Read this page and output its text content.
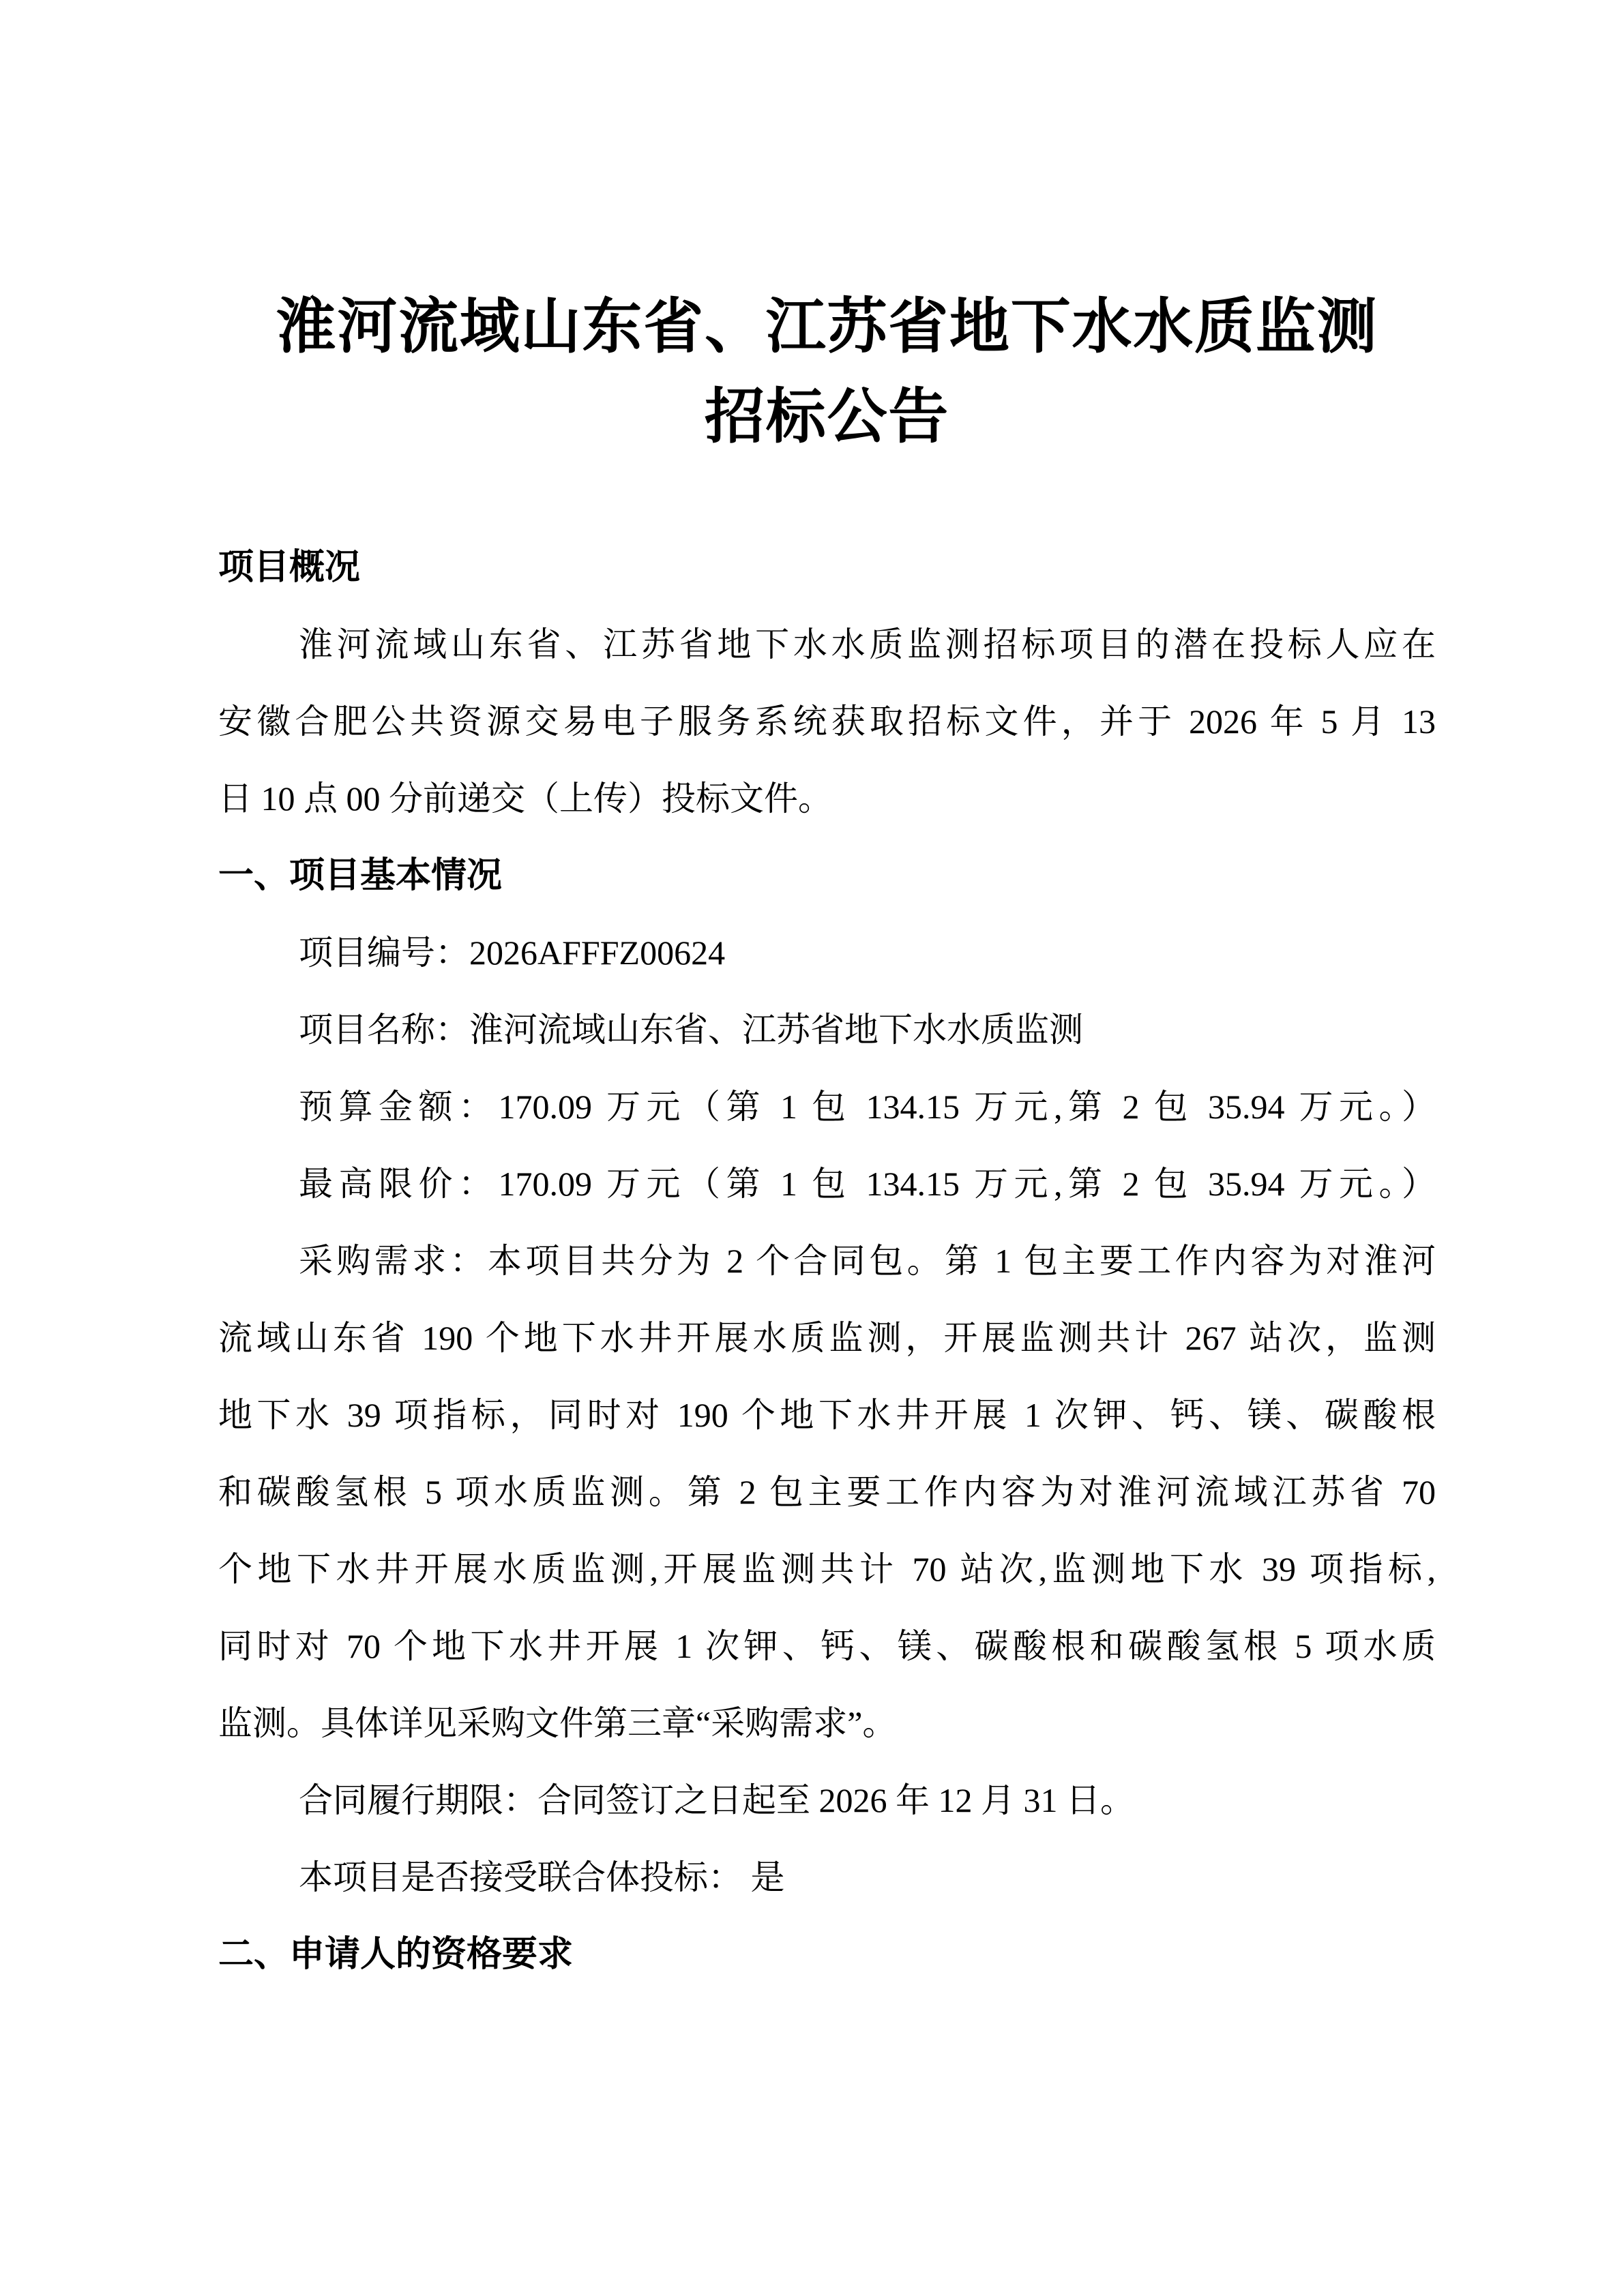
淮河流域山东省、江苏省地下水水质监测
招标公告
项目概况
淮河流域山东省、江苏省地下水水质监测招标项目的潜在投标人应在
安徽合肥公共资源交易电子服务系统获取招标文件，并于 2026 年 5 月 13
日 10 点 00 分前递交（上传）投标文件。
一、项目基本情况
项目编号：2026AFFFZ00624
项目名称：淮河流域山东省、江苏省地下水水质监测
预算金额：170.09 万元（第 1 包 134.15 万元,第 2 包 35.94 万元。）
最高限价：170.09 万元（第 1 包 134.15 万元,第 2 包 35.94 万元。）
采购需求：本项目共分为 2 个合同包。第 1 包主要工作内容为对淮河
流域山东省 190 个地下水井开展水质监测，开展监测共计 267 站次，监测
地下水 39 项指标，同时对 190 个地下水井开展 1 次钾、钙、镁、碳酸根
和碳酸氢根 5 项水质监测。第 2 包主要工作内容为对淮河流域江苏省 70
个地下水井开展水质监测,开展监测共计 70 站次,监测地下水 39 项指标,
同时对 70 个地下水井开展 1 次钾、钙、镁、碳酸根和碳酸氢根 5 项水质
监测。具体详见采购文件第三章“采购需求”。
合同履行期限：合同签订之日起至 2026 年 12 月 31 日。
本项目是否接受联合体投标： 是
二、申请人的资格要求
